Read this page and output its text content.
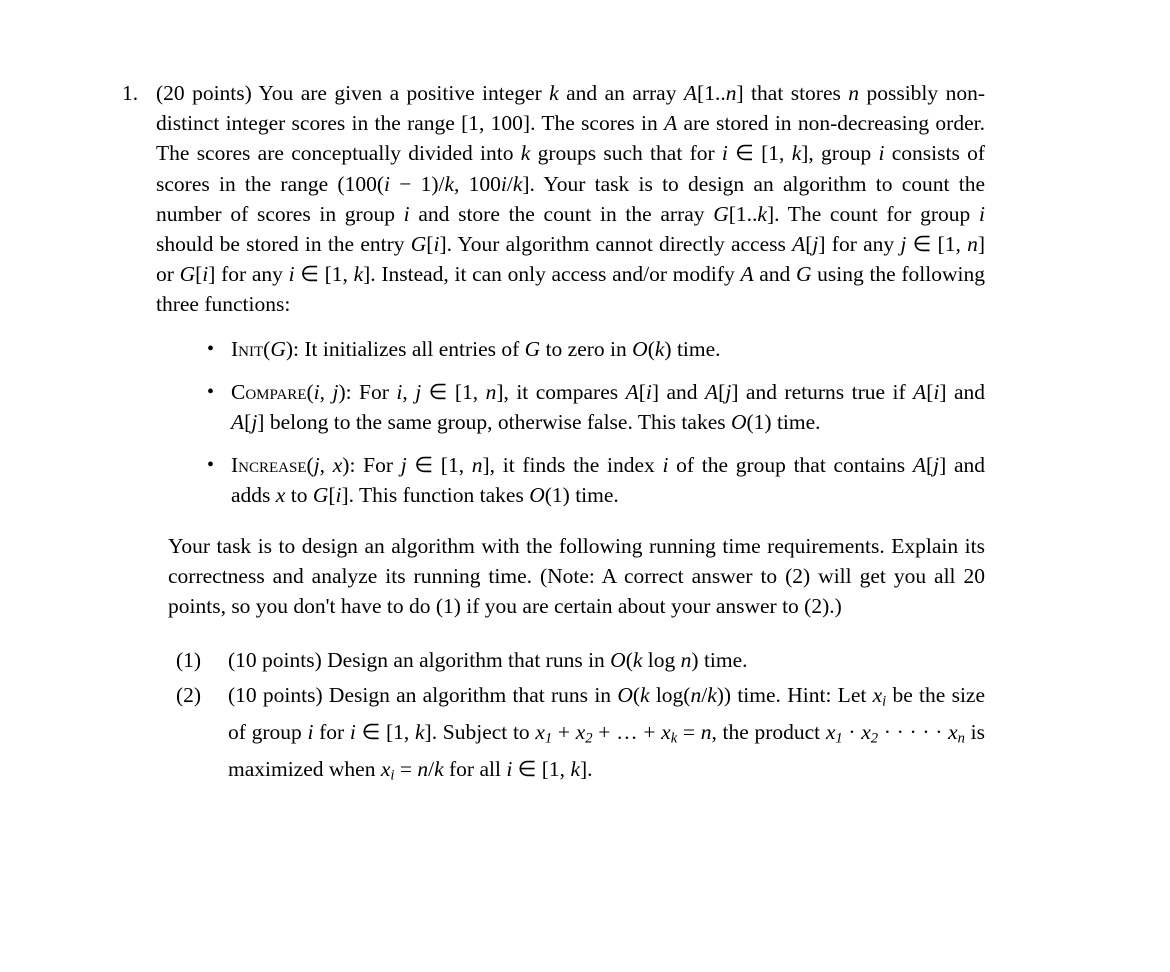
1. (20 points) You are given a positive integer k and an array A[1..n] that stores n possibly non-distinct integer scores in the range [1, 100]. The scores in A are stored in non-decreasing order. The scores are conceptually divided into k groups such that for i ∈ [1, k], group i consists of scores in the range (100(i − 1)/k, 100i/k]. Your task is to design an algorithm to count the number of scores in group i and store the count in the array G[1..k]. The count for group i should be stored in the entry G[i]. Your algorithm cannot directly access A[j] for any j ∈ [1, n] or G[i] for any i ∈ [1, k]. Instead, it can only access and/or modify A and G using the following three functions:

• Init(G): It initializes all entries of G to zero in O(k) time.
• Compare(i, j): For i, j ∈ [1, n], it compares A[i] and A[j] and returns true if A[i] and A[j] belong to the same group, otherwise false. This takes O(1) time.
• Increase(j, x): For j ∈ [1, n], it finds the index i of the group that contains A[j] and adds x to G[i]. This function takes O(1) time.

Your task is to design an algorithm with the following running time requirements. Explain its correctness and analyze its running time. (Note: A correct answer to (2) will get you all 20 points, so you don't have to do (1) if you are certain about your answer to (2).)

(1) (10 points) Design an algorithm that runs in O(k log n) time.
(2) (10 points) Design an algorithm that runs in O(k log(n/k)) time. Hint: Let $x_i$ be the size of group i for i ∈ [1, k]. Subject to $x_1 + x_2$ + … + $x_k = n$, the product $x_1 \cdot x_2$ · · · · · $x_n$ is maximized when $x_i = n/k$ for all i ∈ [1, k].
